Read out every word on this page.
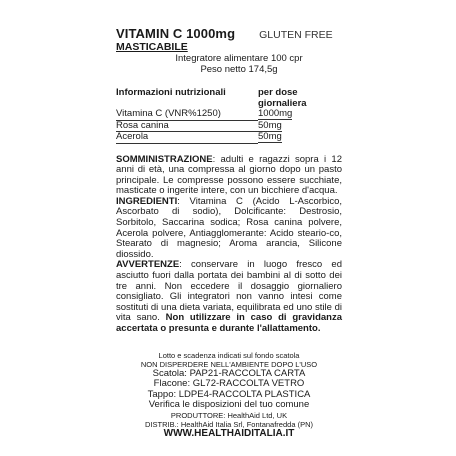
VITAMIN C 1000mg GLUTEN FREE
MASTICABILE
Integratore alimentare 100 cpr
Peso netto 174,5g
Informazioni nutrizionali	per dose
giornaliera
Vitamina C (VNR%1250)	1000mg
Rosa canina	50mg
Acerola	50mg
SOMMINISTRAZIONE: adulti e ragazzi sopra i 12 anni di età, una compressa al giorno dopo un pasto principale. Le compresse possono essere succhiate, masticate o ingerite intere, con un bicchiere d'acqua.
INGREDIENTI: Vitamina C (Acido L-Ascorbico, Ascorbato di sodio), Dolcificante: Destrosio, Sorbitolo, Saccarina sodica; Rosa canina polvere, Acerola polvere, Antiagglomerante: Acido steario-co, Stearato di magnesio; Aroma arancia, Silicone diossido.
AVVERTENZE: conservare in luogo fresco ed asciutto fuori dalla portata dei bambini al di sotto dei tre anni. Non eccedere il dosaggio giornaliero consigliato. Gli integratori non vanno intesi come sostituti di una dieta variata, equilibrata ed uno stile di vita sano. Non utilizzare in caso di gravidanza accertata o presunta e durante l'allattamento.
Lotto e scadenza indicati sul fondo scatola
NON DISPERDERE NELL'AMBIENTE DOPO L'USO
Scatola: PAP21-RACCOLTA CARTA
Flacone: GL72-RACCOLTA VETRO
Tappo: LDPE4-RACCOLTA PLASTICA
Verifica le disposizioni del tuo comune
PRODUTTORE: HealthAid Ltd, UK
DISTRIB.: HealthAid Italia Srl, Fontanafredda (PN)
WWW.HEALTHAIDITALIA.IT
